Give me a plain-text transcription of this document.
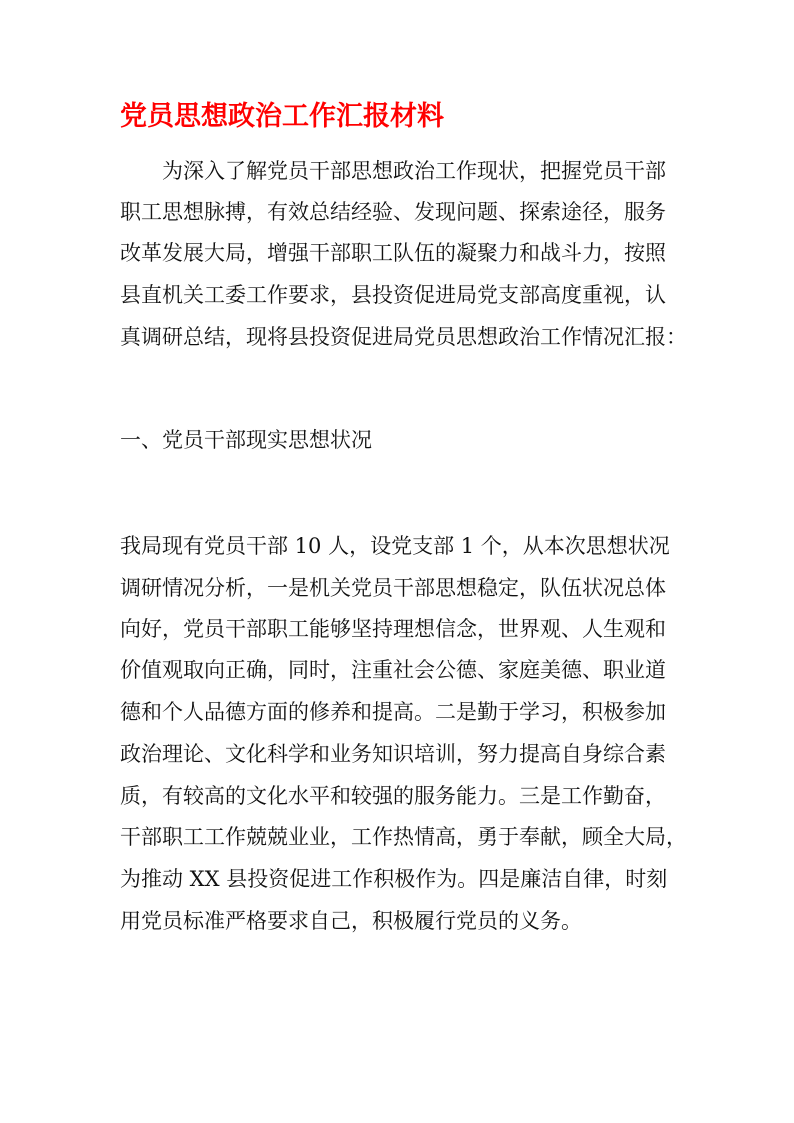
党员思想政治工作汇报材料

为深入了解党员干部思想政治工作现状，把握党员干部

职工思想脉搏，有效总结经验、发现问题、探索途径，服务

改革发展大局，增强干部职工队伍的凝聚力和战斗力，按照

县直机关工委工作要求，县投资促进局党支部高度重视，认

真调研总结，现将县投资促进局党员思想政治工作情况汇报：

一、党员干部现实思想状况

我局现有党员干部 10 人，设党支部 1 个，从本次思想状况

调研情况分析，一是机关党员干部思想稳定，队伍状况总体

向好，党员干部职工能够坚持理想信念，世界观、人生观和

价值观取向正确，同时，注重社会公德、家庭美德、职业道

德和个人品德方面的修养和提高。二是勤于学习，积极参加

政治理论、文化科学和业务知识培训，努力提高自身综合素

质，有较高的文化水平和较强的服务能力。三是工作勤奋，

干部职工工作兢兢业业，工作热情高，勇于奉献，顾全大局，

为推动 XX 县投资促进工作积极作为。四是廉洁自律，时刻

用党员标准严格要求自己，积极履行党员的义务。
